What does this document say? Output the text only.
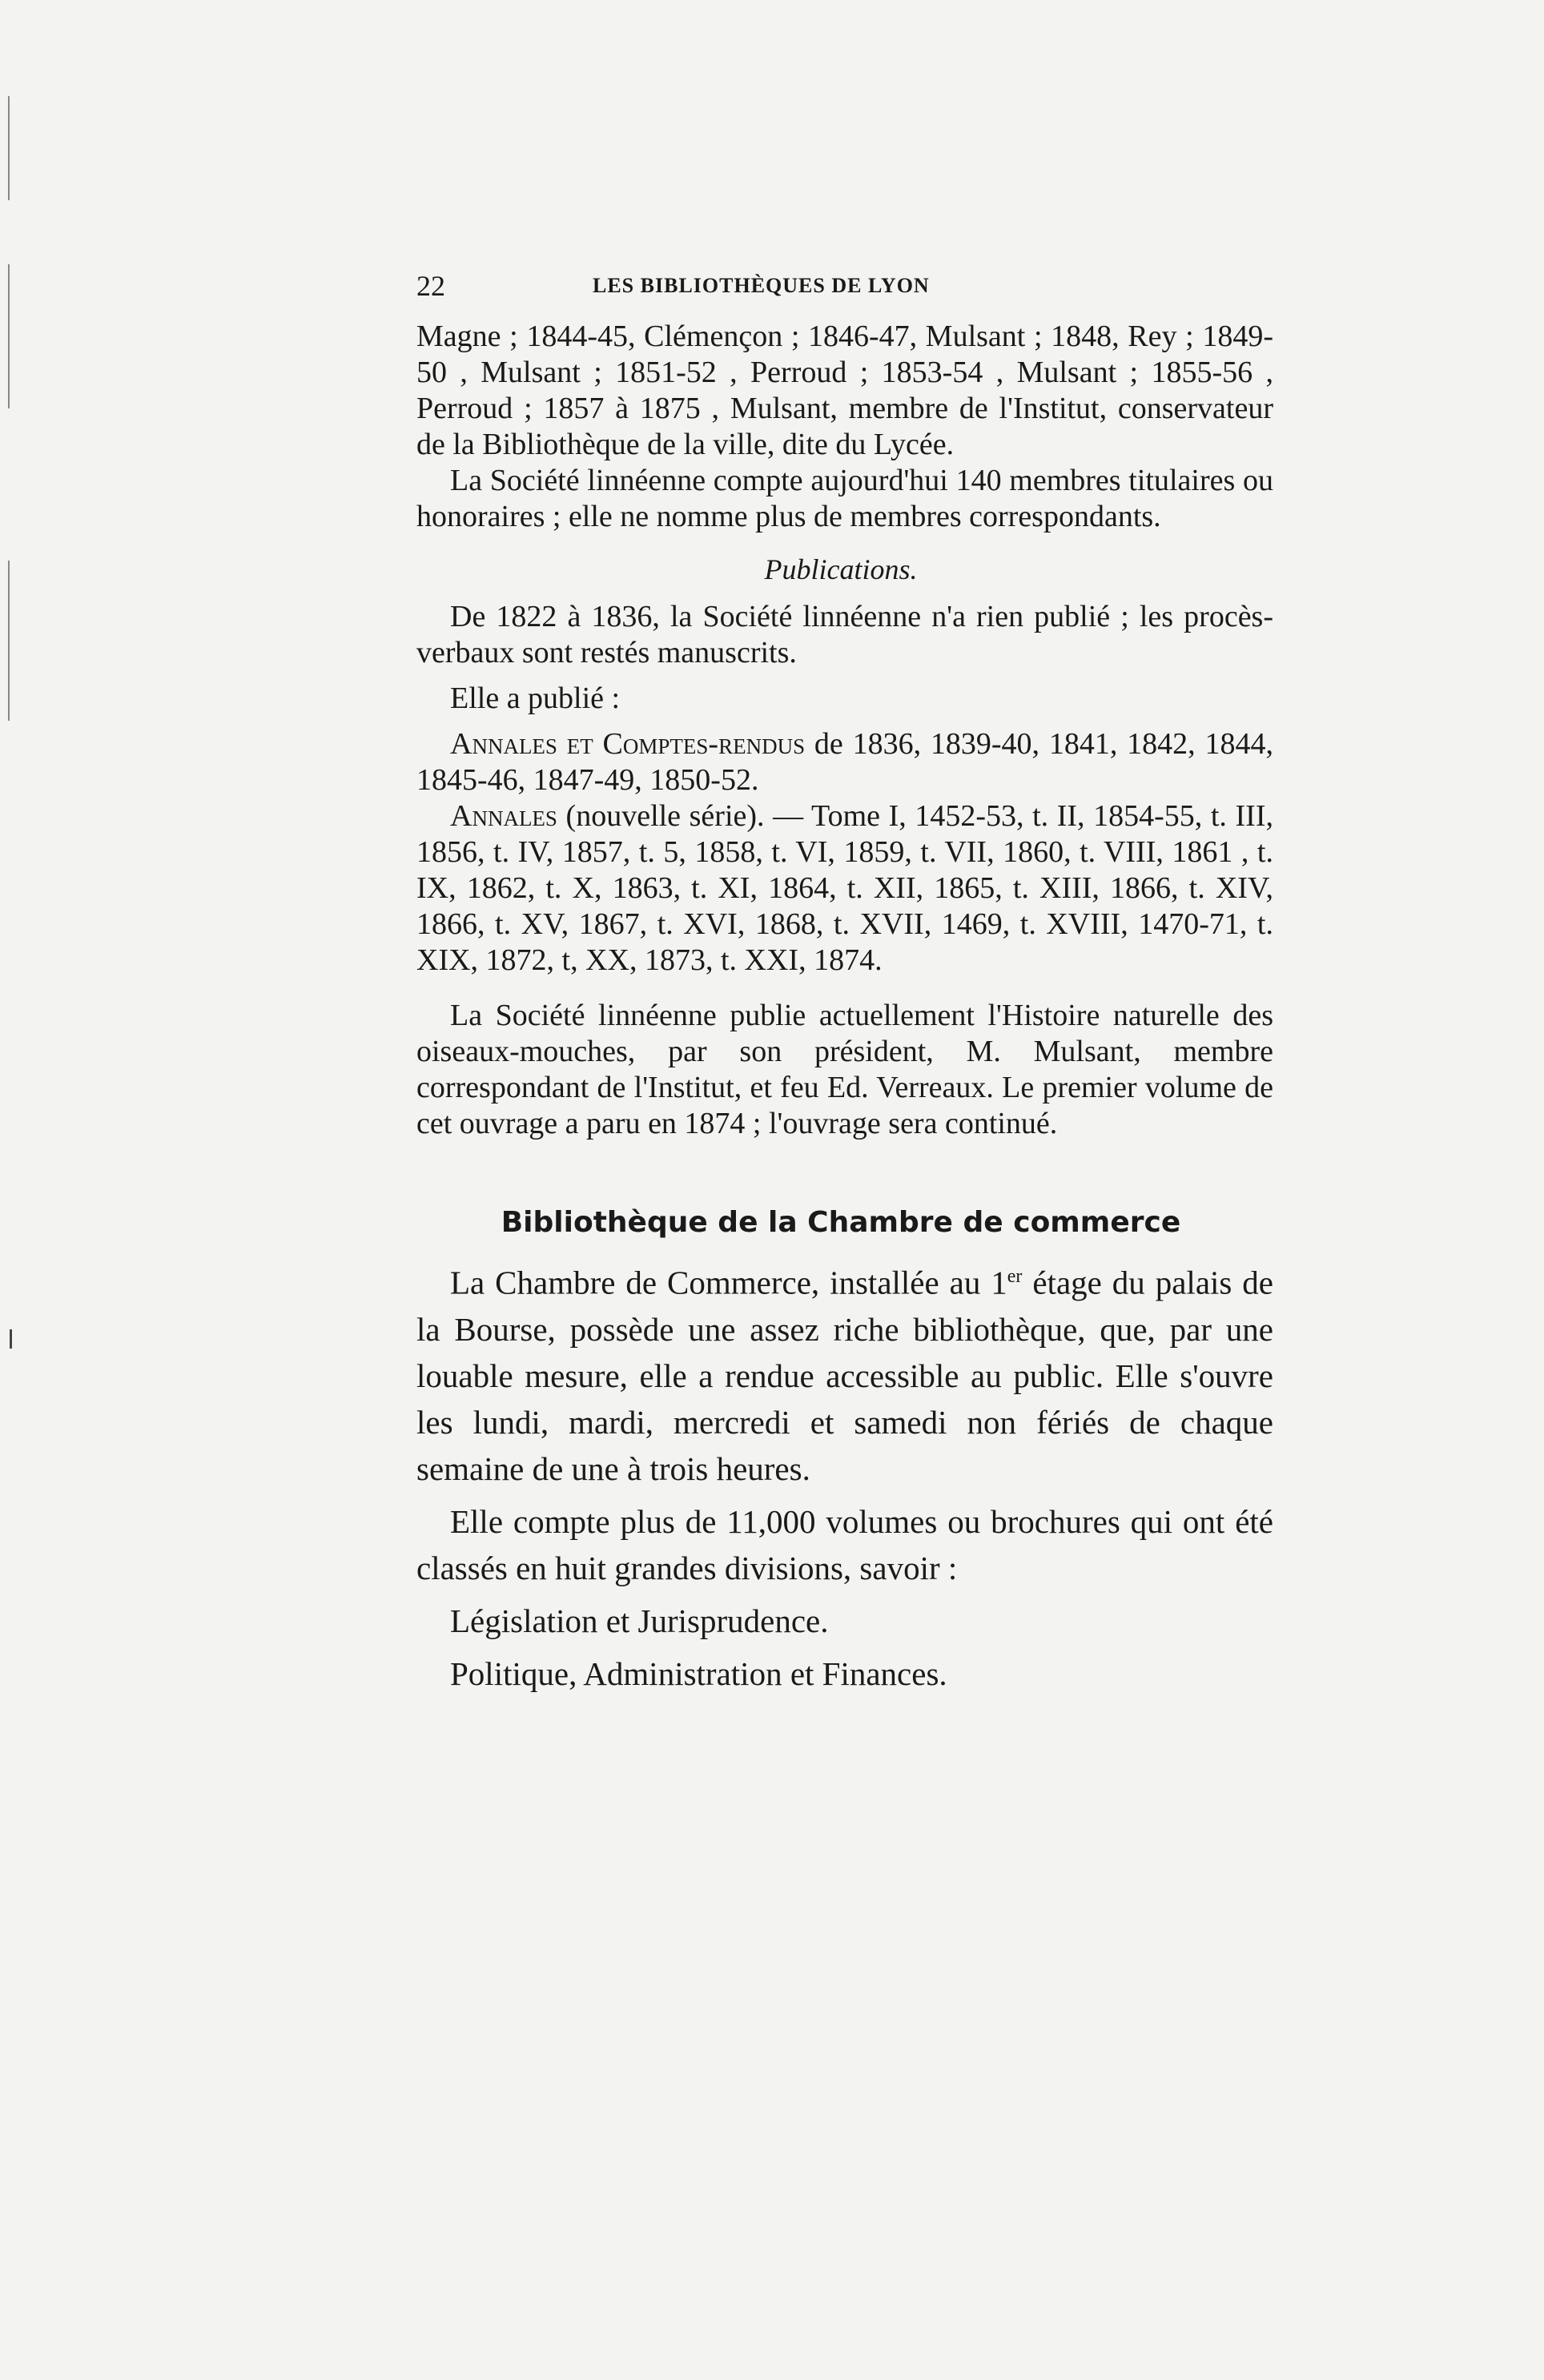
22	LES BIBLIOTHÈQUES DE LYON

Magne ; 1844-45, Clémençon ; 1846-47, Mulsant ; 1848, Rey ; 1849-50 , Mulsant ; 1851-52 , Perroud ; 1853-54 , Mulsant ; 1855-56 , Perroud ; 1857 à 1875 , Mulsant, membre de l'Institut, conservateur de la Bibliothèque de la ville, dite du Lycée.

La Société linnéenne compte aujourd'hui 140 membres titulaires ou honoraires ; elle ne nomme plus de membres correspondants.

Publications.

De 1822 à 1836, la Société linnéenne n'a rien publié ; les procès-verbaux sont restés manuscrits.

Elle a publié :

Annales et Comptes-rendus de 1836, 1839-40, 1841, 1842, 1844, 1845-46, 1847-49, 1850-52.

Annales (nouvelle série). — Tome I, 1452-53, t. II, 1854-55, t. III, 1856, t. IV, 1857, t. 5, 1858, t. VI, 1859, t. VII, 1860, t. VIII, 1861 , t. IX, 1862, t. X, 1863, t. XI, 1864, t. XII, 1865, t. XIII, 1866, t. XIV, 1866, t. XV, 1867, t. XVI, 1868, t. XVII, 1469, t. XVIII, 1470-71, t. XIX, 1872, t, XX, 1873, t. XXI, 1874.

La Société linnéenne publie actuellement l'Histoire naturelle des oiseaux-mouches, par son président, M. Mulsant, membre correspondant de l'Institut, et feu Ed. Verreaux. Le premier volume de cet ouvrage a paru en 1874 ; l'ouvrage sera continué.

Bibliothèque de la Chambre de commerce

La Chambre de Commerce, installée au 1er étage du palais de la Bourse, possède une assez riche bibliothèque, que, par une louable mesure, elle a rendue accessible au public. Elle s'ouvre les lundi, mardi, mercredi et samedi non fériés de chaque semaine de une à trois heures.

Elle compte plus de 11,000 volumes ou brochures qui ont été classés en huit grandes divisions, savoir :

Législation et Jurisprudence.

Politique, Administration et Finances.
